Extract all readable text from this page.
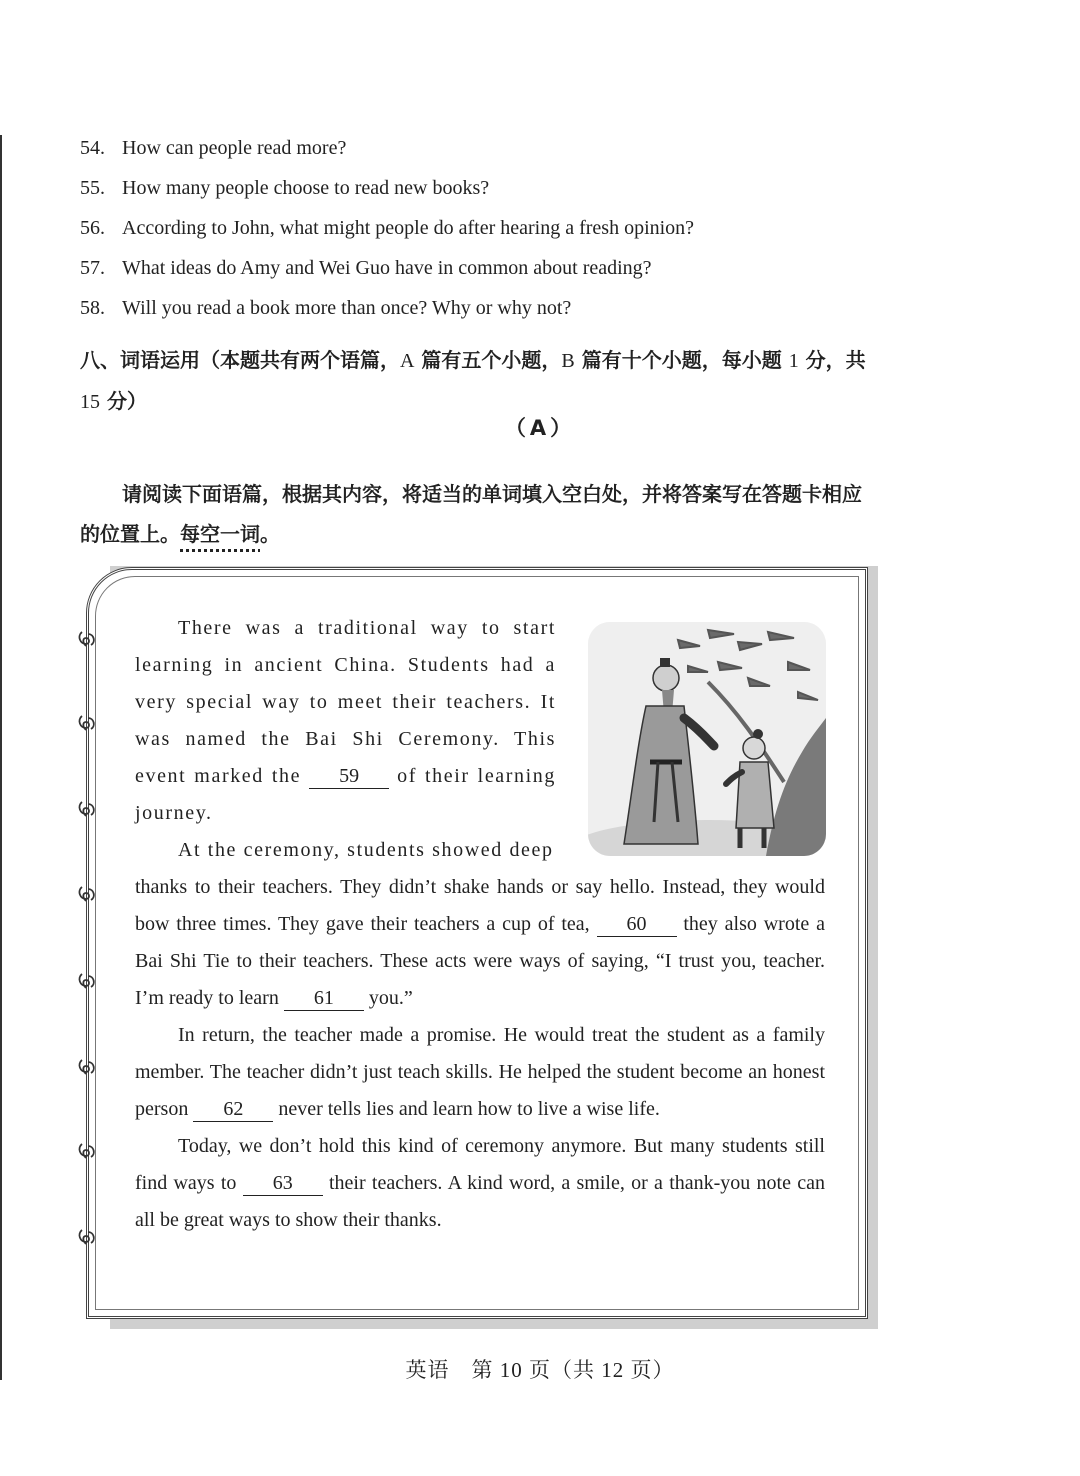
54. How can people read more?
55. How many people choose to read new books?
56. According to John, what might people do after hearing a fresh opinion?
57. What ideas do Amy and Wei Guo have in common about reading?
58. Will you read a book more than once? Why or why not?
八、词语运用（本题共有两个语篇，A 篇有五个小题，B 篇有十个小题，每小题 1 分，共 15 分）
（A）
请阅读下面语篇，根据其内容，将适当的单词填入空白处，并将答案写在答题卡相应的位置上。每空一词。

There was a traditional way to start learning in ancient China. Students had a very special way to meet their teachers. It was named the Bai Shi Ceremony. This event marked the 59 of their learning journey.

At the ceremony, students showed deep

thanks to their teachers. They didn’t shake hands or say hello. Instead, they would bow three times. They gave their teachers a cup of tea, 60 they also wrote a Bai Shi Tie to their teachers. These acts were ways of saying, “I trust you, teacher. I’m ready to learn 61 you.”

In return, the teacher made a promise. He would treat the student as a family member. The teacher didn’t just teach skills. He helped the student become an honest person 62 never tells lies and learn how to live a wise life.

Today, we don’t hold this kind of ceremony anymore. But many students still find ways to 63 their teachers. A kind word, a smile, or a thank-you note can all be great ways to show their thanks.

英语　第 10 页（共 12 页）
